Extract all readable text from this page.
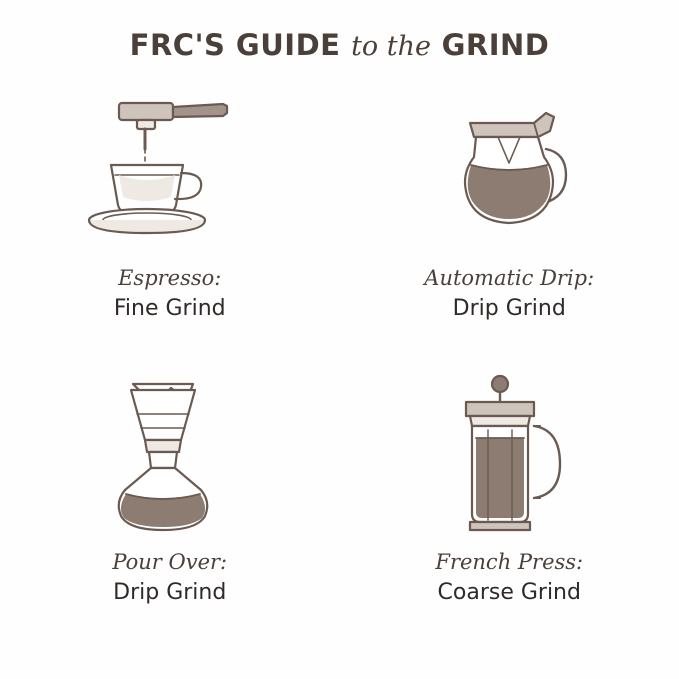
FRC'S GUIDE to the GRIND
Espresso:
Fine Grind
Automatic Drip:
Drip Grind
Pour Over:
Drip Grind
French Press:
Coarse Grind
